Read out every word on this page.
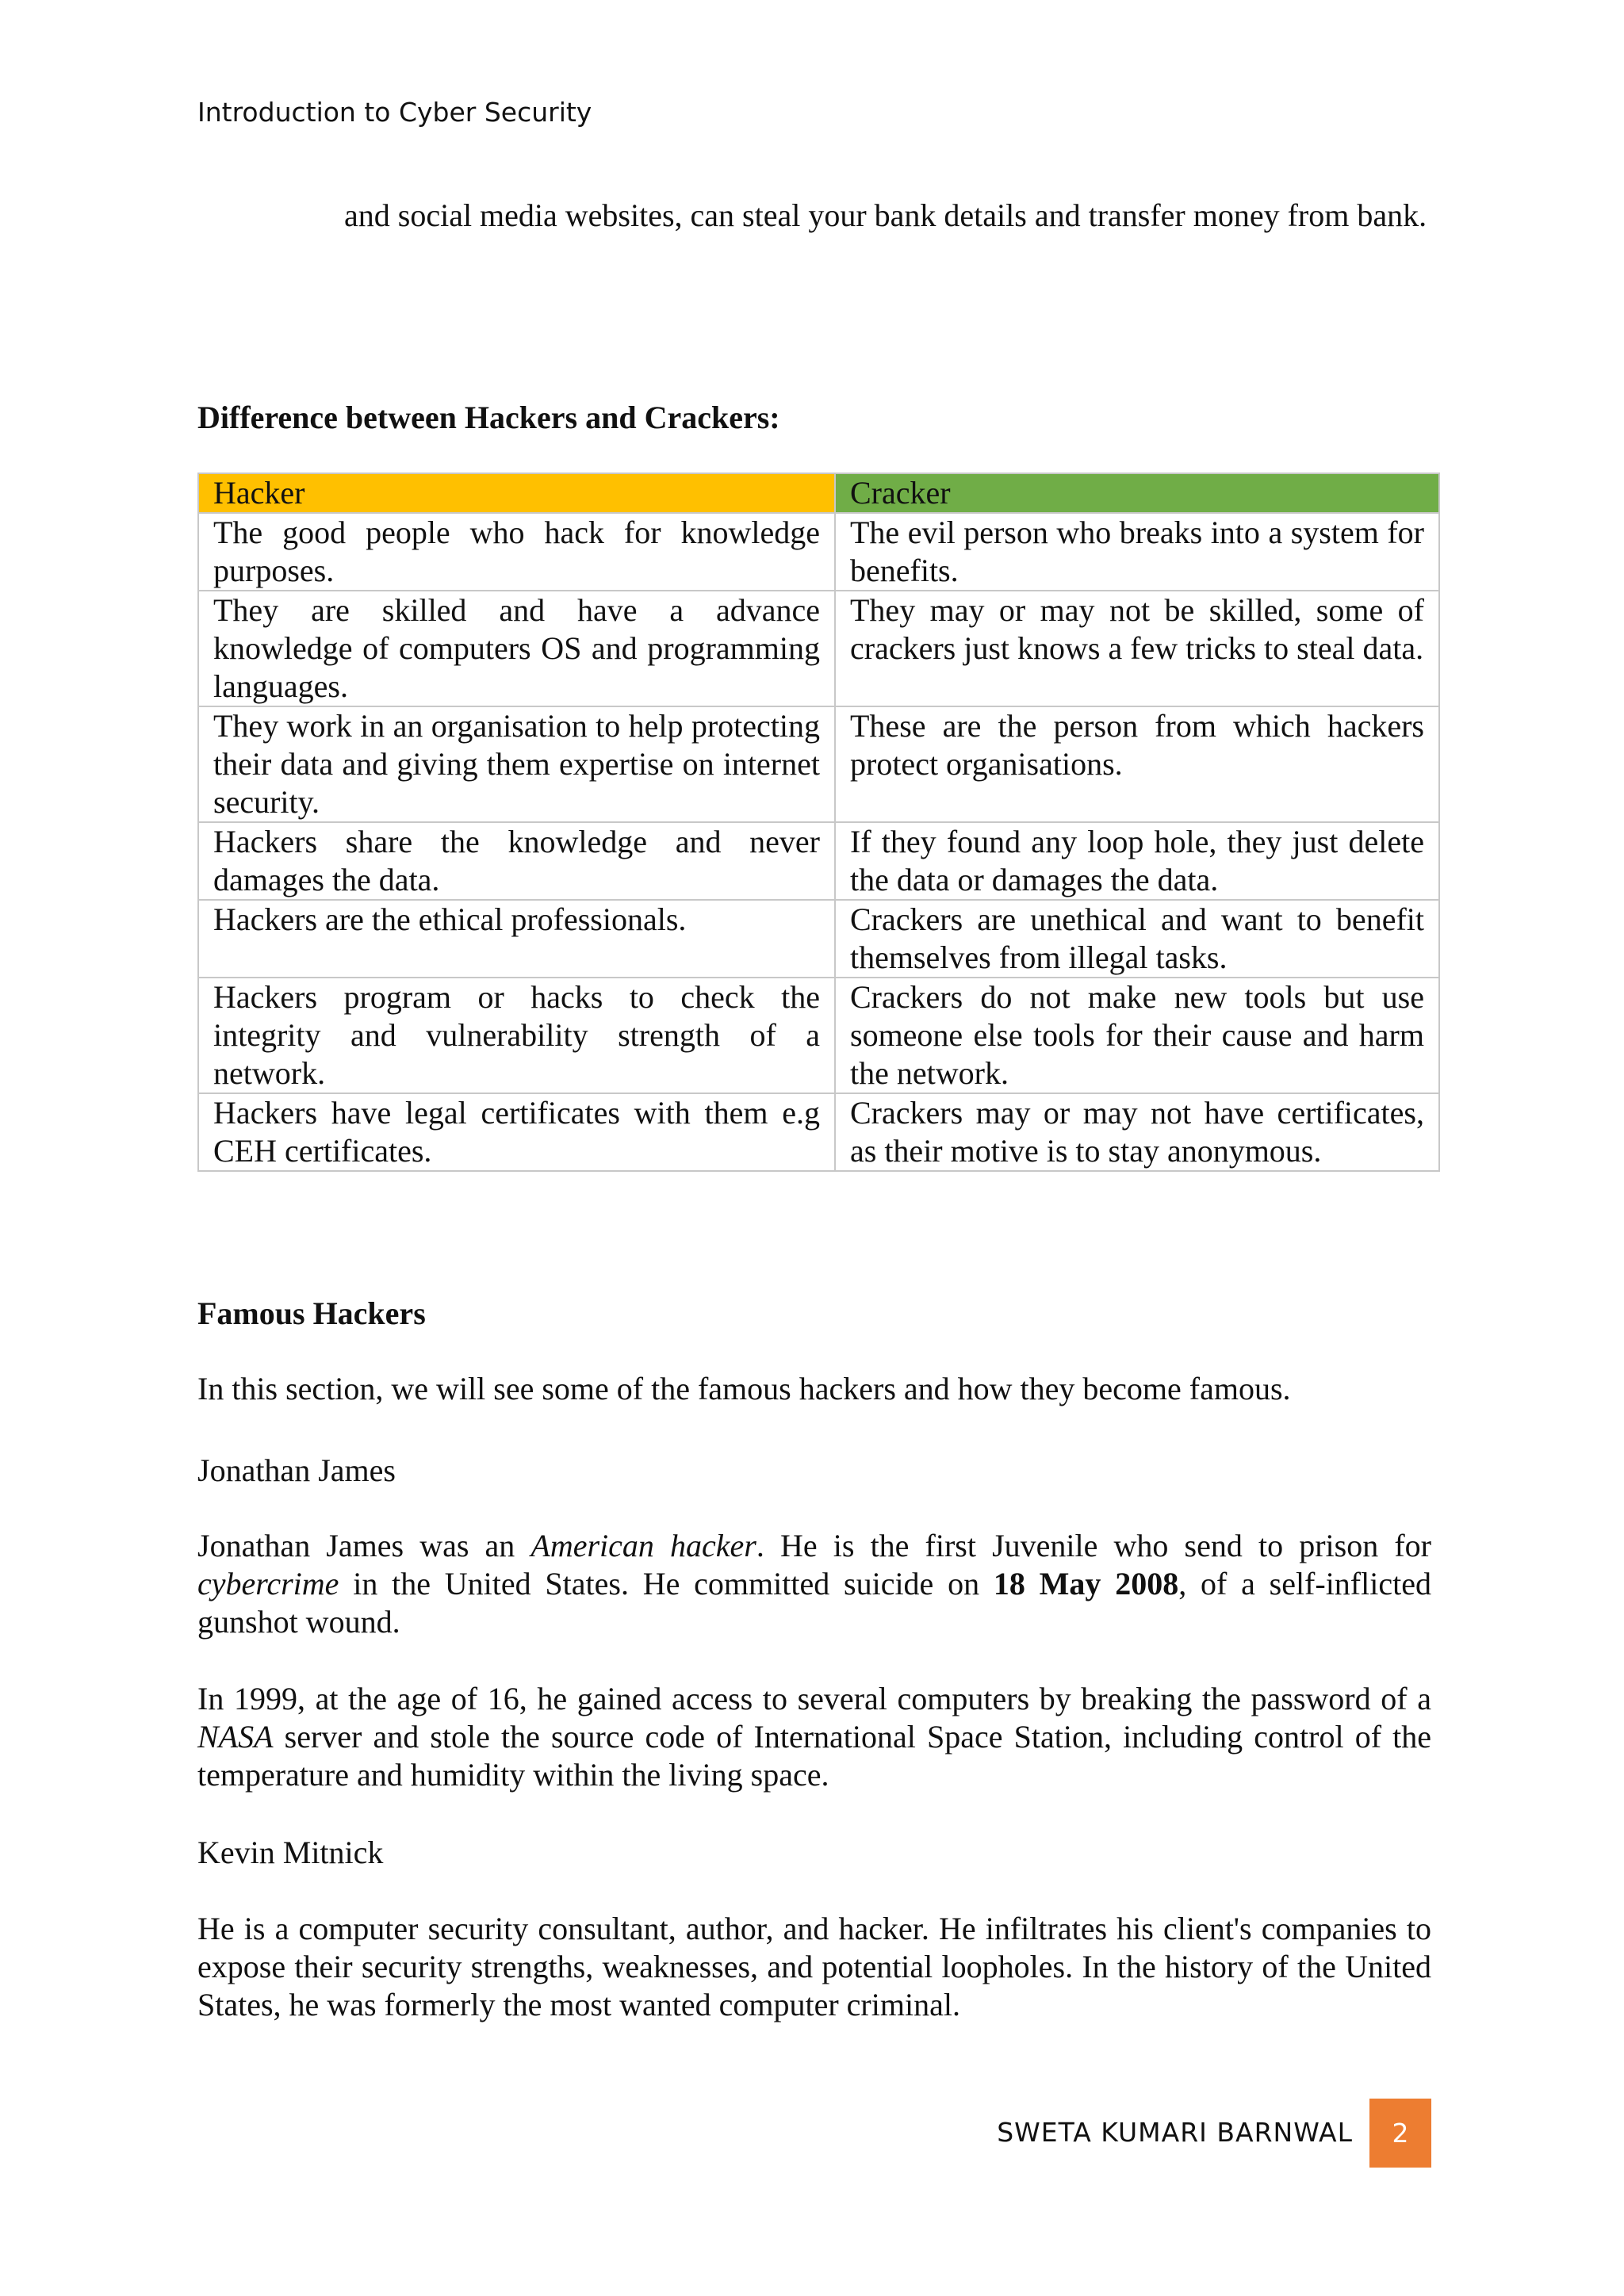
Introduction to Cyber Security

and social media websites, can steal your bank details and transfer money from bank.

Difference between Hackers and Crackers:
Hacker	Cracker
The good people who hack for knowledge purposes.	The evil person who breaks into a system for benefits.
They are skilled and have a advance knowledge of computers OS and programming languages.	They may or may not be skilled, some of crackers just knows a few tricks to steal data.
They work in an organisation to help protecting their data and giving them expertise on internet security.	These are the person from which hackers protect organisations.
Hackers share the knowledge and never damages the data.	If they found any loop hole, they just delete the data or damages the data.
Hackers are the ethical professionals.	Crackers are unethical and want to benefit themselves from illegal tasks.
Hackers program or hacks to check the integrity and vulnerability strength of a network.	Crackers do not make new tools but use someone else tools for their cause and harm the network.
Hackers have legal certificates with them e.g CEH certificates.	Crackers may or may not have certificates, as their motive is to stay anonymous.
Famous Hackers

In this section, we will see some of the famous hackers and how they become famous.

Jonathan James

Jonathan James was an American hacker. He is the first Juvenile who send to prison for cybercrime in the United States. He committed suicide on 18 May 2008, of a self-inflicted gunshot wound.

In 1999, at the age of 16, he gained access to several computers by breaking the password of a NASA server and stole the source code of International Space Station, including control of the temperature and humidity within the living space.

Kevin Mitnick

He is a computer security consultant, author, and hacker. He infiltrates his client's companies to expose their security strengths, weaknesses, and potential loopholes. In the history of the United States, he was formerly the most wanted computer criminal.

SWETA KUMARI BARNWAL	2
